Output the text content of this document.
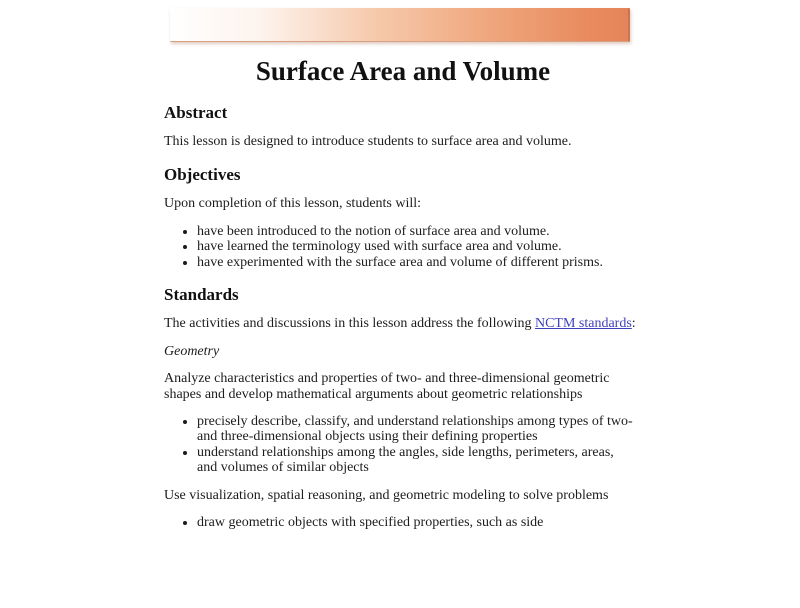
Surface Area and Volume
Abstract

This lesson is designed to introduce students to surface area and volume.

Objectives

Upon completion of this lesson, students will:

• have been introduced to the notion of surface area and volume.
• have learned the terminology used with surface area and volume.
• have experimented with the surface area and volume of different prisms.
Standards

The activities and discussions in this lesson address the following NCTM standards:

Geometry

Analyze characteristics and properties of two- and three-dimensional geometric shapes and develop mathematical arguments about geometric relationships

• precisely describe, classify, and understand relationships among types of two- and three-dimensional objects using their defining properties
• understand relationships among the angles, side lengths, perimeters, areas, and volumes of similar objects

Use visualization, spatial reasoning, and geometric modeling to solve problems

• draw geometric objects with specified properties, such as side
